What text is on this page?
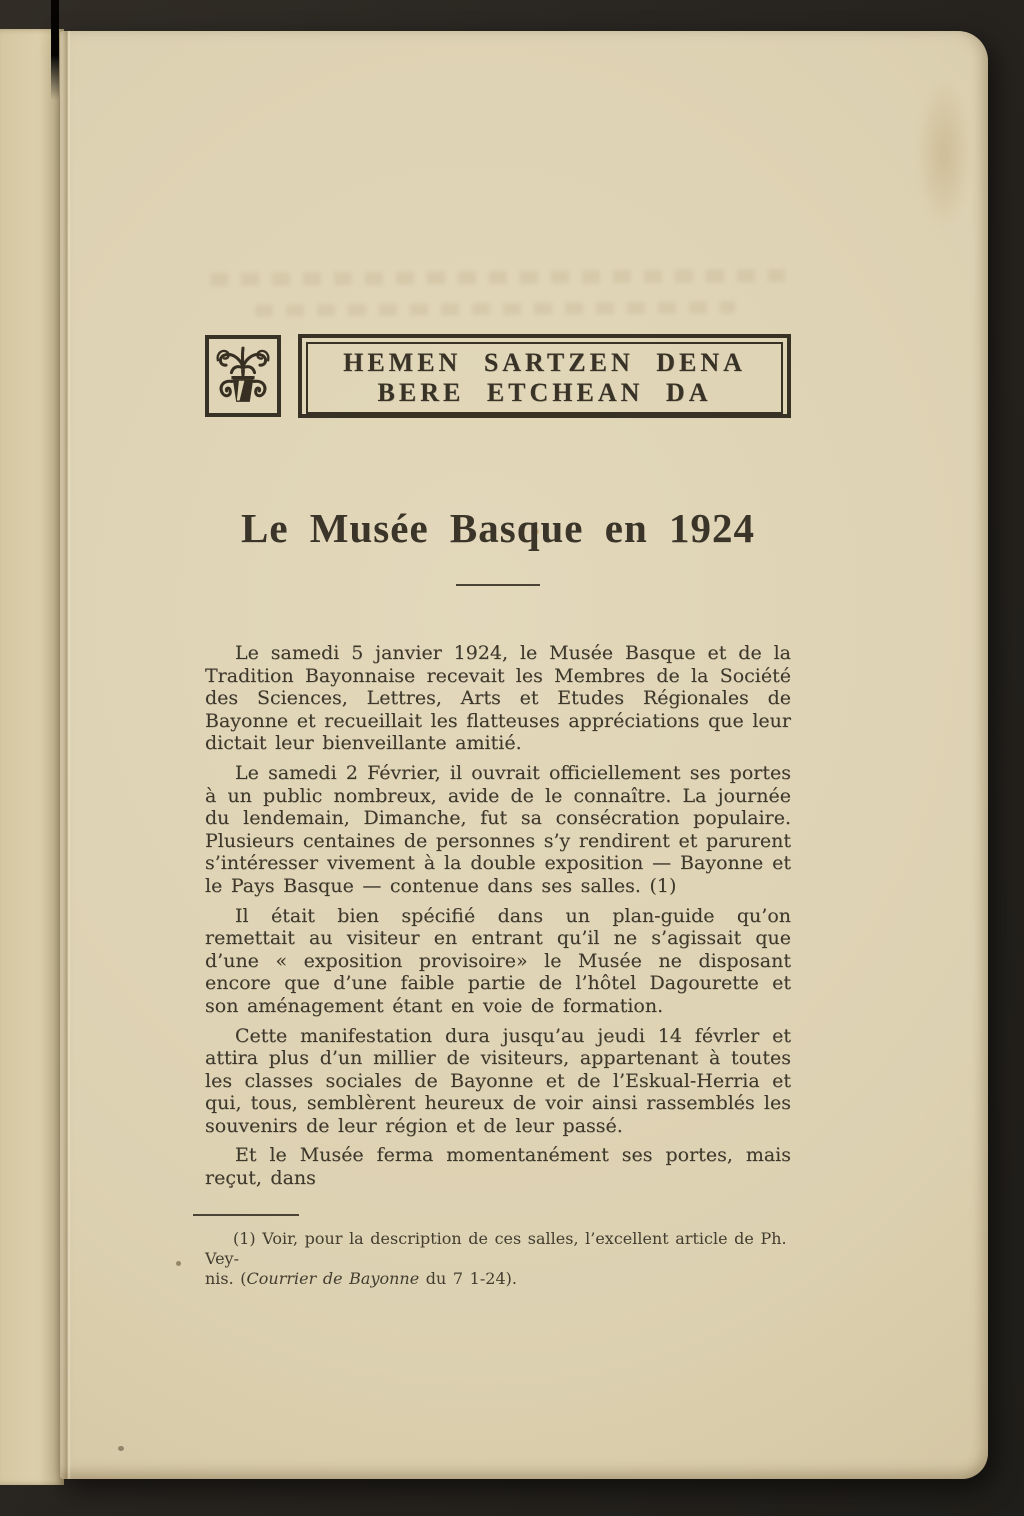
HEMEN SARTZEN DENA
BERE ETCHEAN DA
Le Musée Basque en 1924

Le samedi 5 janvier 1924, le Musée Basque et de la Tradition Bayonnaise recevait les Membres de la Société des Sciences, Lettres, Arts et Etudes Régionales de Bayonne et recueillait les flatteuses appréciations que leur dictait leur bienveillante amitié.

Le samedi 2 Février, il ouvrait officiellement ses portes à un public nombreux, avide de le connaître. La journée du lendemain, Dimanche, fut sa consécration populaire. Plusieurs centaines de personnes s’y rendirent et parurent s’intéresser vivement à la double exposition — Bayonne et le Pays Basque — contenue dans ses salles. (1)

Il était bien spécifié dans un plan-guide qu’on remettait au visiteur en entrant qu’il ne s’agissait que d’une « exposition provisoire» le Musée ne disposant encore que d’une faible partie de l’hôtel Dagourette et son aménagement étant en voie de formation.

Cette manifestation dura jusqu’au jeudi 14 févrler et attira plus d’un millier de visiteurs, appartenant à toutes les classes sociales de Bayonne et de l’Eskual-Herria et qui, tous, semblèrent heureux de voir ainsi rassemblés les souvenirs de leur région et de leur passé.

Et le Musée ferma momentanément ses portes, mais reçut, dans

(1) Voir, pour la description de ces salles, l’excellent article de Ph. Vey-
nis. (Courrier de Bayonne du 7 1-24).
